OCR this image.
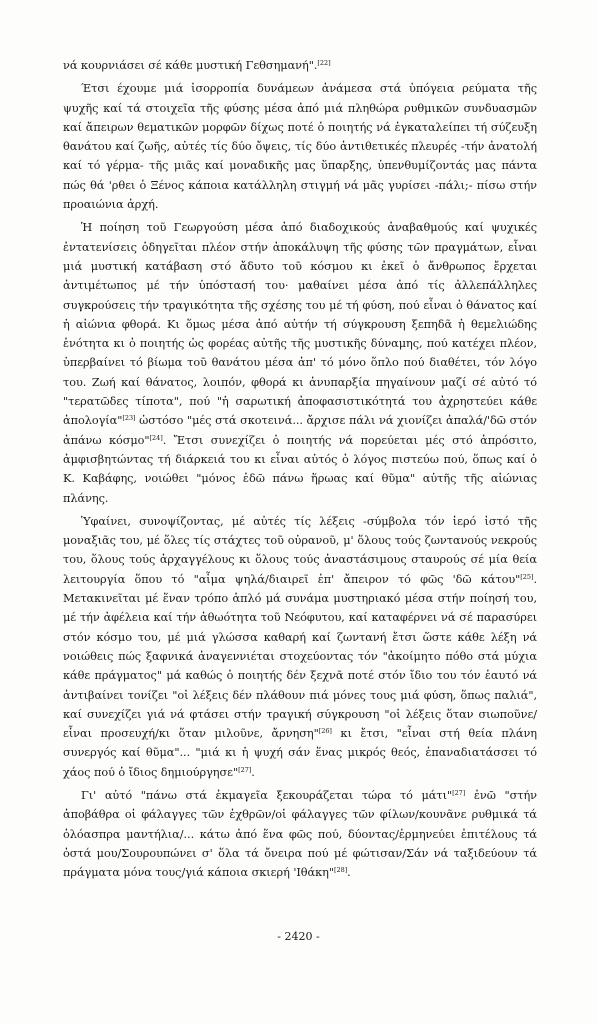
νά κουρνιάσει σέ κάθε μυστική Γεθσημανή".[22]

Έτσι έχουμε μιά ἰσορροπία δυνάμεων ἀνάμεσα στά ὑπόγεια ρεύματα τῆς ψυχῆς καί τά στοιχεῖα τῆς φύσης μέσα ἀπό μιά πληθώρα ρυθμικῶν συνδυασμῶν καί ἄπειρων θεματικῶν μορφῶν δίχως ποτέ ὁ ποιητής νά ἐγκαταλείπει τή σύζευξη θανάτου καί ζωῆς, αὐτές τίς δύο ὄψεις, τίς δύο ἀντιθετικές πλευρές -τήν ἀνατολή καί τό γέρμα- τῆς μιᾶς καί μοναδικῆς μας ὕπαρξης, ὑπενθυμίζοντάς μας πάντα πώς θά 'ρθει ὁ Ξένος κάποια κατάλληλη στιγμή νά μᾶς γυρίσει -πάλι;- πίσω στήν προαιώνια ἀρχή.

Ἡ ποίηση τοῦ Γεωργούση μέσα ἀπό διαδοχικούς ἀναβαθμούς καί ψυχικές ἐντατενίσεις ὁδηγεῖται πλέον στήν ἀποκάλυψη τῆς φύσης τῶν πραγμάτων, εἶναι μιά μυστική κατάβαση στό ἄδυτο τοῦ κόσμου κι ἐκεῖ ὁ ἄνθρωπος ἔρχεται ἀντιμέτωπος μέ τήν ὑπόστασή του· μαθαίνει μέσα ἀπό τίς ἀλλεπάλληλες συγκρούσεις τήν τραγικότητα τῆς σχέσης του μέ τή φύση, πού εἶναι ὁ θάνατος καί ἡ αἰώνια φθορά. Κι ὅμως μέσα ἀπό αὐτήν τή σύγκρουση ξεπηδᾶ ἡ θεμελιώδης ἑνότητα κι ὁ ποιητής ὡς φορέας αὐτῆς τῆς μυστικῆς δύναμης, πού κατέχει πλέον, ὑπερβαίνει τό βίωμα τοῦ θανάτου μέσα ἀπ' τό μόνο ὅπλο πού διαθέτει, τόν λόγο του. Ζωή καί θάνατος, λοιπόν, φθορά κι ἀνυπαρξία πηγαίνουν μαζί σέ αὐτό τό "τερατῶδες τίποτα", πού "ἡ σαρωτική ἀποφασιστικότητά του ἀχρηστεύει κάθε ἀπολογία"[23] ὡστόσο "μές στά σκοτεινά... ἄρχισε πάλι νά χιονίζει ἀπαλά/'δῶ στόν ἀπάνω κόσμο"[24]. Ἔτσι συνεχίζει ὁ ποιητής νά πορεύεται μές στό ἀπρόσιτο, ἀμφισβητώντας τή διάρκειά του κι εἶναι αὐτός ὁ λόγος πιστεύω πού, ὅπως καί ὁ Κ. Καβάφης, νοιώθει "μόνος ἐδῶ πάνω ἥρωας καί θῦμα" αὐτῆς τῆς αἰώνιας πλάνης.

Ὑφαίνει, συνοψίζοντας, μέ αὐτές τίς λέξεις -σύμβολα τόν ἱερό ἱστό τῆς μοναξιᾶς του, μέ ὅλες τίς στάχτες τοῦ οὐρανοῦ, μ' ὅλους τούς ζωντανούς νεκρούς του, ὅλους τούς ἀρχαγγέλους κι ὅλους τούς ἀναστάσιμους σταυρούς σέ μία θεία λειτουργία ὅπου τό "αἷμα ψηλά/διαιρεῖ ἐπ' ἄπειρον τό φῶς 'δῶ κάτου"[25]. Μετακινεῖται μέ ἕναν τρόπο ἁπλό μά συνάμα μυστηριακό μέσα στήν ποίησή του, μέ τήν ἀφέλεια καί τήν ἀθωότητα τοῦ Νεόφυτου, καί καταφέρνει νά σέ παρασύρει στόν κόσμο του, μέ μιά γλώσσα καθαρή καί ζωντανή ἔτσι ὥστε κάθε λέξη νά νοιώθεις πώς ξαφνικά ἀναγεννιέται στοχεύοντας τόν "ἀκοίμητο πόθο στά μύχια κάθε πράγματος" μά καθώς ὁ ποιητής δέν ξεχνᾶ ποτέ στόν ἴδιο του τόν ἑαυτό νά ἀντιβαίνει τονίζει "οἱ λέξεις δέν πλάθουν πιά μόνες τους μιά φύση, ὅπως παλιά", καί συνεχίζει γιά νά φτάσει στήν τραγική σύγκρουση "οἱ λέξεις ὅταν σιωποῦνε/εἶναι προσευχή/κι ὅταν μιλοῦνε, ἄρνηση"[26] κι ἔτσι, "εἶναι στή θεία πλάνη συνεργός καί θῦμα"... "μιά κι ἡ ψυχή σάν ἕνας μικρός θεός, ἐπαναδιατάσσει τό χάος πού ὁ ἴδιος δημιούργησε"[27].

Γι' αὐτό "πάνω στά ἐκμαγεῖα ξεκουράζεται τώρα τό μάτι"[27] ἐνῶ "στήν ἀποβάθρα οἱ φάλαγγες τῶν ἐχθρῶν/οἱ φάλαγγες τῶν φίλων/κουνᾶνε ρυθμικά τά ὁλόασπρα μαντήλια/... κάτω ἀπό ἕνα φῶς πού, δύοντας/ἑρμηνεύει ἐπιτέλους τά ὀστά μου/Σουρουπώνει σ' ὅλα τά ὄνειρα πού μέ φώτισαν/Σάν νά ταξιδεύουν τά πράγματα μόνα τους/γιά κάποια σκιερή 'Ιθάκη"[28].

- 2420 -
